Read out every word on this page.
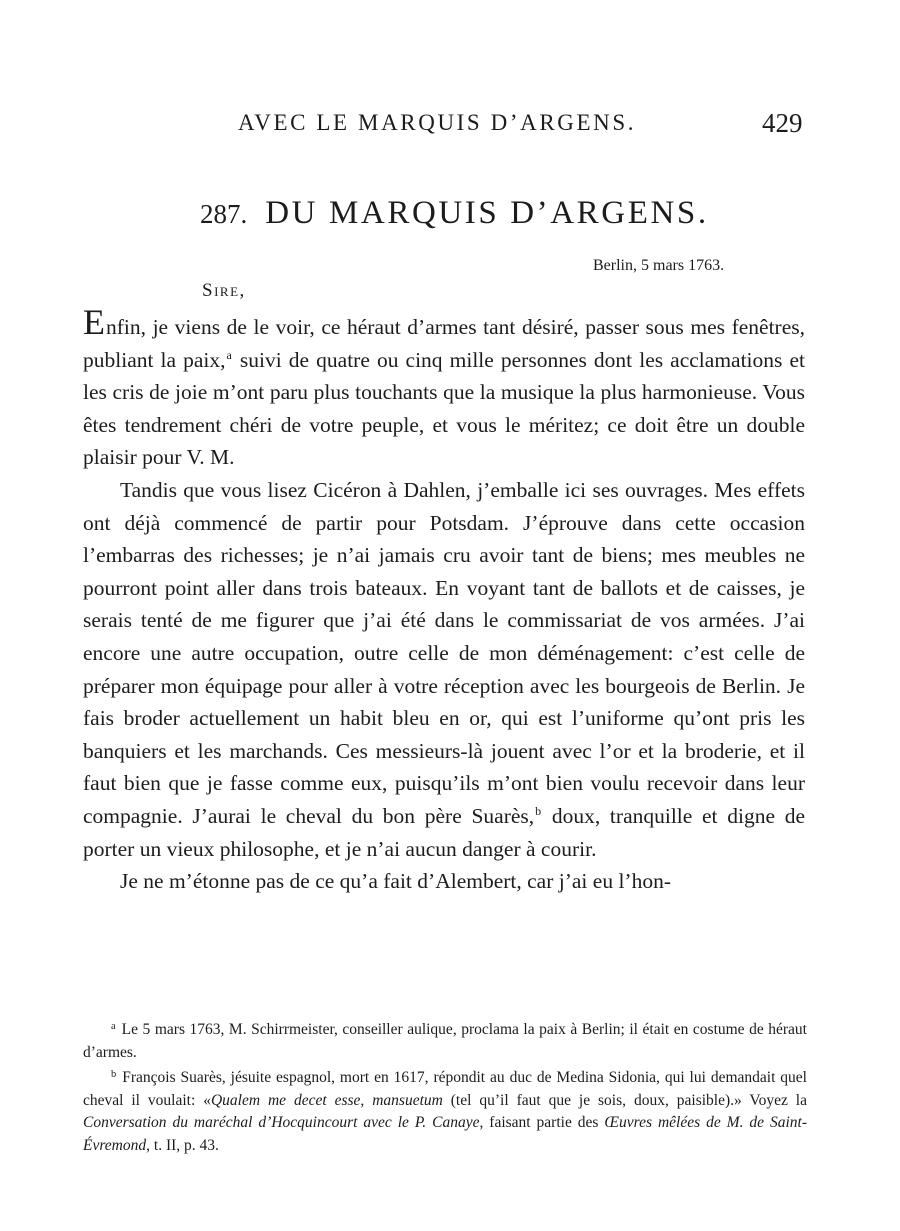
AVEC LE MARQUIS D’ARGENS.	429
287. DU MARQUIS D’ARGENS.
Berlin, 5 mars 1763.
Sire,

Enfin, je viens de le voir, ce héraut d’armes tant désiré, passer sous mes fenêtres, publiant la paix,$^a$ suivi de quatre ou cinq mille personnes dont les acclamations et les cris de joie m’ont paru plus touchants que la musique la plus harmonieuse. Vous êtes tendrement chéri de votre peuple, et vous le méritez; ce doit être un double plaisir pour V. M.

Tandis que vous lisez Cicéron à Dahlen, j’emballe ici ses ouvrages. Mes effets ont déjà commencé de partir pour Potsdam. J’éprouve dans cette occasion l’embarras des richesses; je n’ai jamais cru avoir tant de biens; mes meubles ne pourront point aller dans trois bateaux. En voyant tant de ballots et de caisses, je serais tenté de me figurer que j’ai été dans le commissariat de vos armées. J’ai encore une autre occupation, outre celle de mon déménagement: c’est celle de préparer mon équipage pour aller à votre réception avec les bourgeois de Berlin. Je fais broder actuellement un habit bleu en or, qui est l’uniforme qu’ont pris les banquiers et les marchands. Ces messieurs-là jouent avec l’or et la broderie, et il faut bien que je fasse comme eux, puisqu’ils m’ont bien voulu recevoir dans leur compagnie. J’aurai le cheval du bon père Suarès,$^b$ doux, tranquille et digne de porter un vieux philosophe, et je n’ai aucun danger à courir.

Je ne m’étonne pas de ce qu’a fait d’Alembert, car j’ai eu l’hon-

$^a$ Le 5 mars 1763, M. Schirrmeister, conseiller aulique, proclama la paix à Berlin; il était en costume de héraut d’armes.

$^b$ François Suarès, jésuite espagnol, mort en 1617, répondit au duc de Medina Sidonia, qui lui demandait quel cheval il voulait: «Qualem me decet esse, mansuetum (tel qu’il faut que je sois, doux, paisible).» Voyez la Conversation du maréchal d’Hocquincourt avec le P. Canaye, faisant partie des Œuvres mêlées de M. de Saint-Évremond, t. II, p. 43.
